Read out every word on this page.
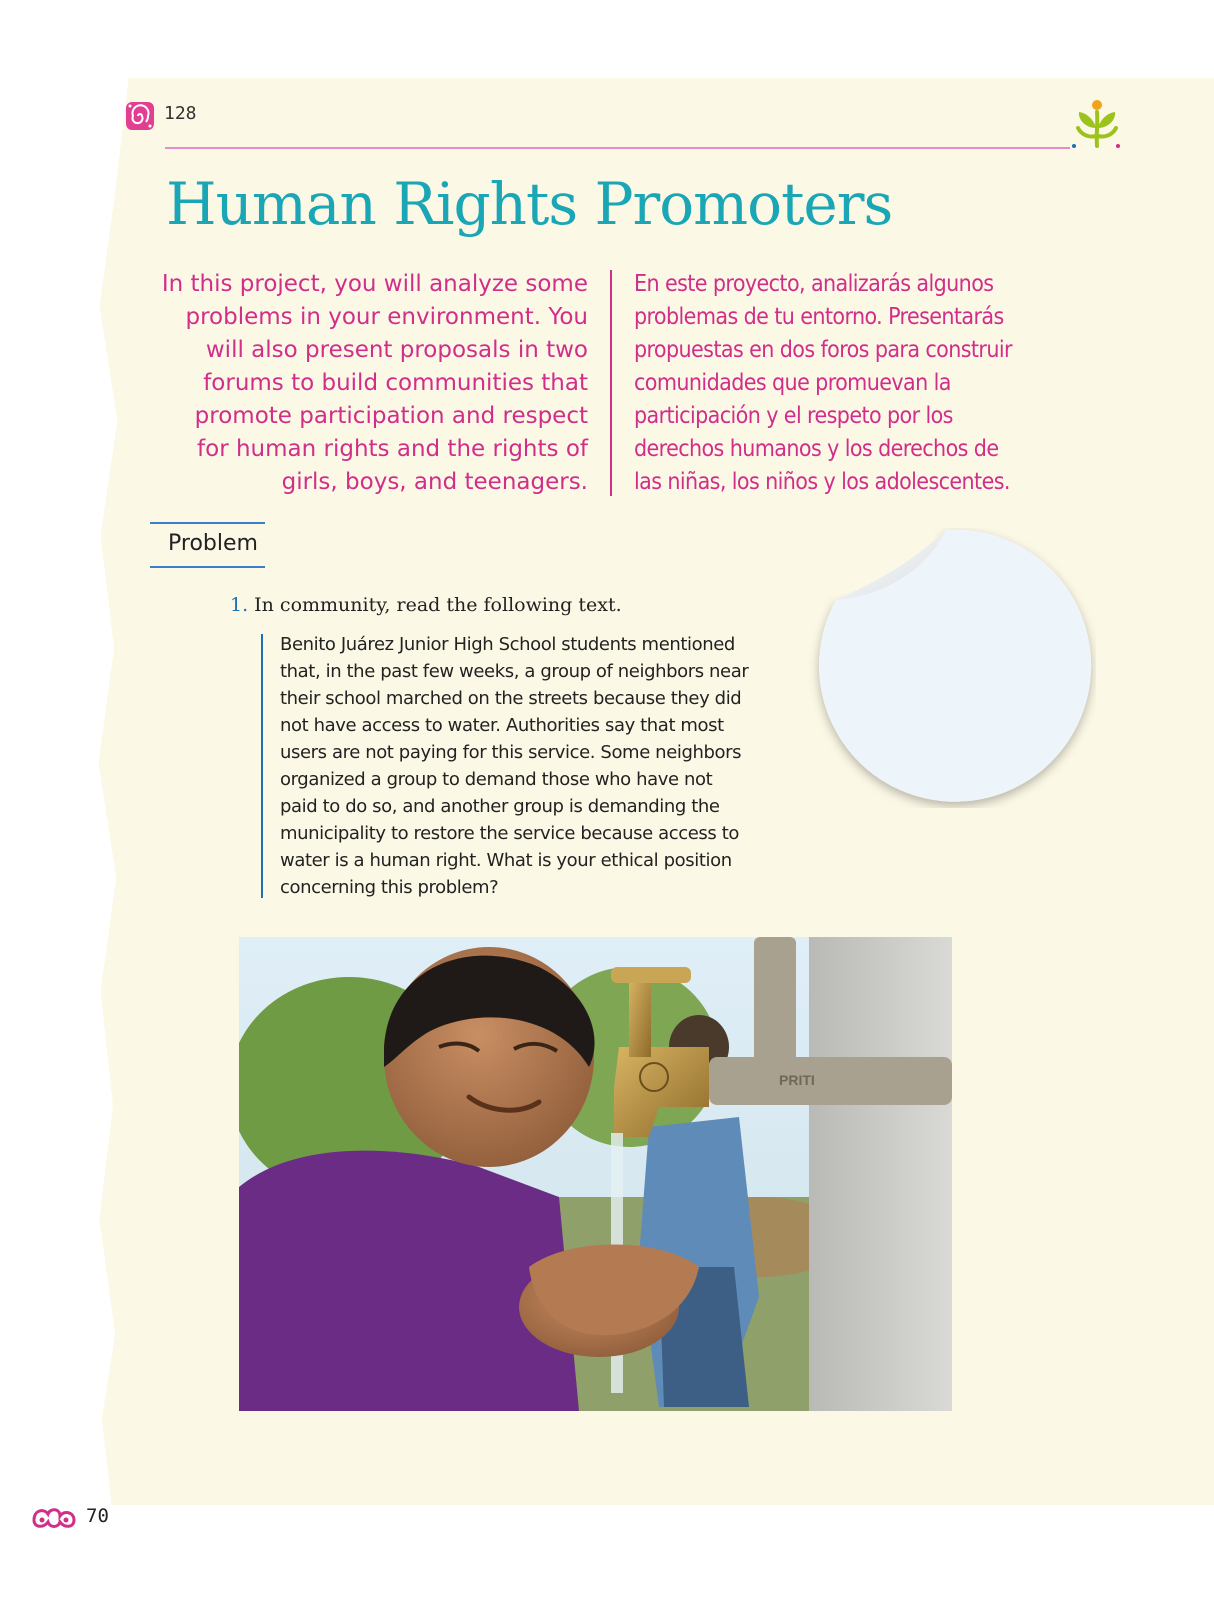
128
Human Rights Promoters
In this project, you will analyze some
problems in your environment. You
will also present proposals in two
forums to build communities that
promote participation and respect
for human rights and the rights of
girls, boys, and teenagers.
En este proyecto, analizarás algunos
problemas de tu entorno. Presentarás
propuestas en dos foros para construir
comunidades que promuevan la
participación y el respeto por los
derechos humanos y los derechos de
las niñas, los niños y los adolescentes.
Problem
1. In community, read the following text.
Benito Juárez Junior High School students mentioned
that, in the past few weeks, a group of neighbors near
their school marched on the streets because they did
not have access to water. Authorities say that most
users are not paying for this service. Some neighbors
organized a group to demand those who have not
paid to do so, and another group is demanding the
municipality to restore the service because access to
water is a human right. What is your ethical position
concerning this problem?
PRITI
70
